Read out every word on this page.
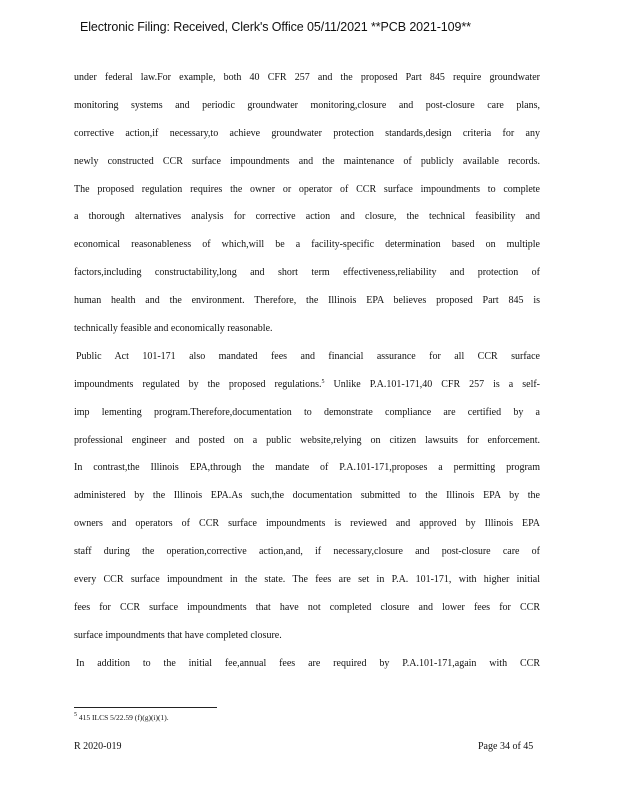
Electronic Filing: Received, Clerk's Office 05/11/2021 **PCB 2021-109**
under federal law.For example, both 40 CFR 257 and the proposed Part 845 require groundwater
monitoring systems and periodic groundwater monitoring,closure and post-closure care plans,
corrective action,if necessary,to achieve groundwater protection standards,design criteria for any
newly constructed CCR surface impoundments and the maintenance of publicly available records.
The proposed regulation requires the owner or operator of CCR surface impoundments to complete
a thorough alternatives analysis for corrective action and closure, the technical feasibility and
economical reasonableness of which,will be a facility-specific determination based on multiple
factors,including constructability,long and short term effectiveness,reliability and protection of
human health and the environment. Therefore, the Illinois EPA believes proposed Part 845 is
technically feasible and economically reasonable.
Public Act 101-171 also mandated fees and financial assurance for all CCR surface
impoundments regulated by the proposed regulations.$^5$ Unlike P.A.101-171,40 CFR 257 is a self-
imp lementing program.Therefore,documentation to demonstrate compliance are certified by a
professional engineer and posted on a public website,relying on citizen lawsuits for enforcement.
In contrast,the Illinois EPA,through the mandate of P.A.101-171,proposes a permitting program
administered by the Illinois EPA.As such,the documentation submitted to the Illinois EPA by the
owners and operators of CCR surface impoundments is reviewed and approved by Illinois EPA
staff during the operation,corrective action,and, if necessary,closure and post-closure care of
every CCR surface impoundment in the state. The fees are set in P.A. 101-171, with higher initial
fees for CCR surface impoundments that have not completed closure and lower fees for CCR
surface impoundments that have completed closure.
In addition to the initial fee,annual fees are required by P.A.101-171,again with CCR
$^5$ 415 ILCS 5/22.59 (f)(g)(i)(1).
R 2020-019	Page 34 of 45
